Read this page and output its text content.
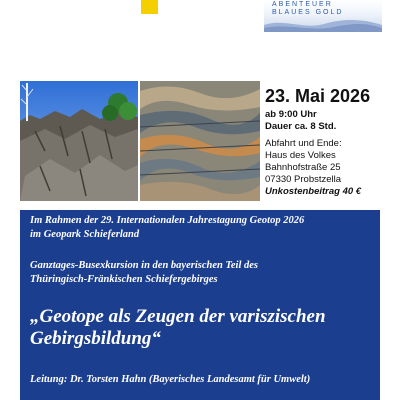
ABENTEUER
BLAUES GOLD
23. Mai 2026
ab 9:00 Uhr
Dauer ca. 8 Std.
Abfahrt und Ende:
Haus des Volkes
Bahnhofstraße 25
07330 Probstzella
Unkostenbeitrag 40 €
Im Rahmen der 29. Internationalen Jahrestagung Geotop 2026
im Geopark Schieferland
Ganztages-Busexkursion in den bayerischen Teil des
Thüringisch-Fränkischen Schiefergebirges
„Geotope als Zeugen der variszischen
Gebirgsbildung“
Leitung: Dr. Torsten Hahn (Bayerisches Landesamt für Umwelt)
